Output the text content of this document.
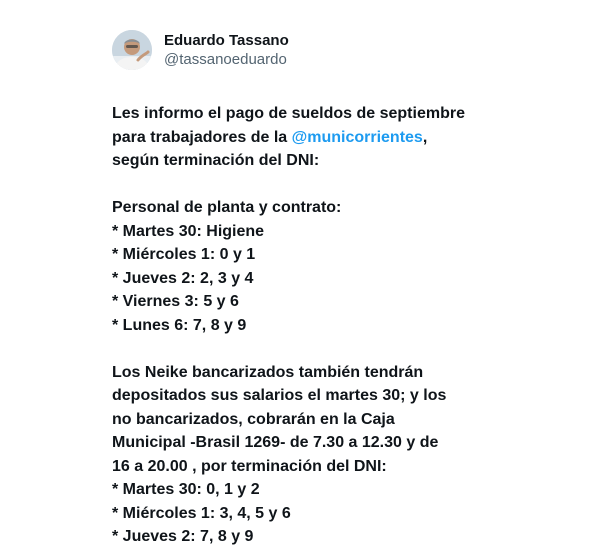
Eduardo Tassano
@tassanoeduardo

Les informo el pago de sueldos de septiembre
para trabajadores de la @municorrientes,
según terminación del DNI:

Personal de planta y contrato:
* Martes 30: Higiene
* Miércoles 1: 0 y 1
* Jueves 2: 2, 3 y 4
* Viernes 3: 5 y 6
* Lunes 6: 7, 8 y 9

Los Neike bancarizados también tendrán
depositados sus salarios el martes 30; y los
no bancarizados, cobrarán en la Caja
Municipal -Brasil 1269- de 7.30 a 12.30 y de
16 a 20.00 , por terminación del DNI:
* Martes 30: 0, 1 y 2
* Miércoles 1: 3, 4, 5 y 6
* Jueves 2: 7, 8 y 9
